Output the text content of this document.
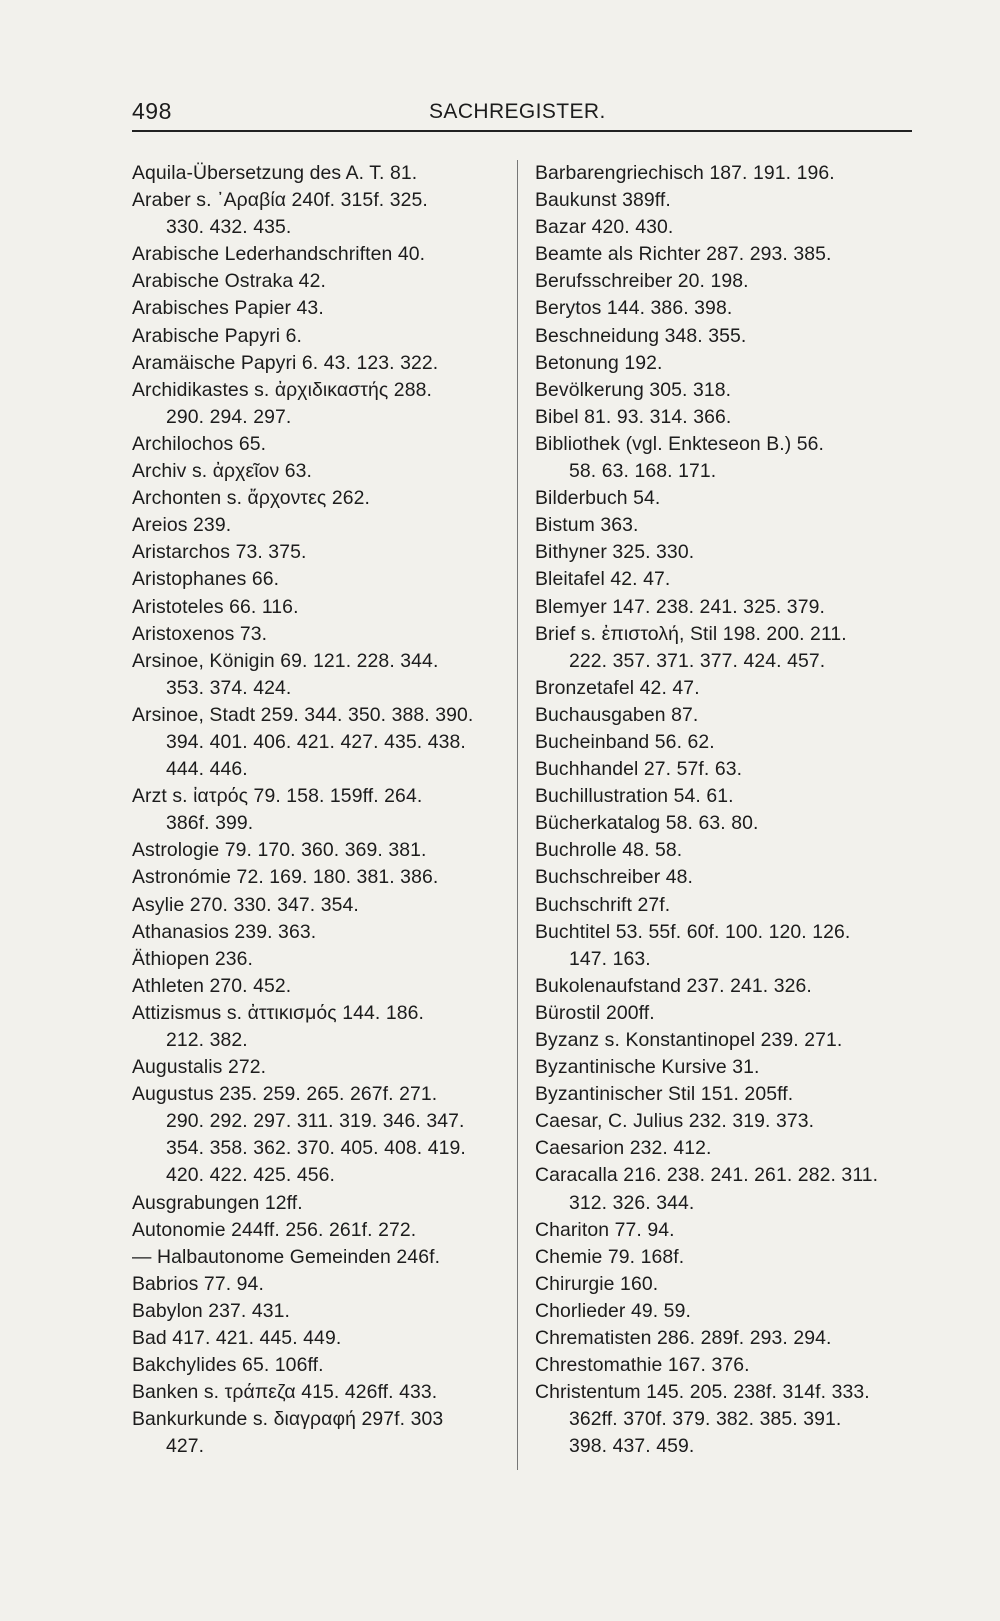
498	SACHREGISTER.
Aquila-Übersetzung des A. T. 81.
Araber s. ᾿Αραβία 240f. 315f. 325.
330. 432. 435.
Arabische Lederhandschriften 40.
Arabische Ostraka 42.
Arabisches Papier 43.
Arabische Papyri 6.
Aramäische Papyri 6. 43. 123. 322.
Archidikastes s. ἀρχιδικαστής 288.
290. 294. 297.
Archilochos 65.
Archiv s. ἀρχεῖον 63.
Archonten s. ἄρχοντες 262.
Areios 239.
Aristarchos 73. 375.
Aristophanes 66.
Aristoteles 66. 116.
Aristoxenos 73.
Arsinoe, Königin 69. 121. 228. 344.
353. 374. 424.
Arsinoe, Stadt 259. 344. 350. 388. 390.
394. 401. 406. 421. 427. 435. 438.
444. 446.
Arzt s. ἰατρός 79. 158. 159ff. 264.
386f. 399.
Astrologie 79. 170. 360. 369. 381.
Astronómie 72. 169. 180. 381. 386.
Asylie 270. 330. 347. 354.
Athanasios 239. 363.
Äthiopen 236.
Athleten 270. 452.
Attizismus s. ἀττικισμός 144. 186.
212. 382.
Augustalis 272.
Augustus 235. 259. 265. 267f. 271.
290. 292. 297. 311. 319. 346. 347.
354. 358. 362. 370. 405. 408. 419.
420. 422. 425. 456.
Ausgrabungen 12ff.
Autonomie 244ff. 256. 261f. 272.
— Halbautonome Gemeinden 246f.
Babrios 77. 94.
Babylon 237. 431.
Bad 417. 421. 445. 449.
Bakchylides 65. 106ff.
Banken s. τράπεζα 415. 426ff. 433.
Bankurkunde s. διαγραφή 297f. 303
427.
Barbarengriechisch 187. 191. 196.
Baukunst 389ff.
Bazar 420. 430.
Beamte als Richter 287. 293. 385.
Berufsschreiber 20. 198.
Berytos 144. 386. 398.
Beschneidung 348. 355.
Betonung 192.
Bevölkerung 305. 318.
Bibel 81. 93. 314. 366.
Bibliothek (vgl. Enkteseon B.) 56.
58. 63. 168. 171.
Bilderbuch 54.
Bistum 363.
Bithyner 325. 330.
Bleitafel 42. 47.
Blemyer 147. 238. 241. 325. 379.
Brief s. ἐπιστολή, Stil 198. 200. 211.
222. 357. 371. 377. 424. 457.
Bronzetafel 42. 47.
Buchausgaben 87.
Bucheinband 56. 62.
Buchhandel 27. 57f. 63.
Buchillustration 54. 61.
Bücherkatalog 58. 63. 80.
Buchrolle 48. 58.
Buchschreiber 48.
Buchschrift 27f.
Buchtitel 53. 55f. 60f. 100. 120. 126.
147. 163.
Bukolenaufstand 237. 241. 326.
Bürostil 200ff.
Byzanz s. Konstantinopel 239. 271.
Byzantinische Kursive 31.
Byzantinischer Stil 151. 205ff.
Caesar, C. Julius 232. 319. 373.
Caesarion 232. 412.
Caracalla 216. 238. 241. 261. 282. 311.
312. 326. 344.
Chariton 77. 94.
Chemie 79. 168f.
Chirurgie 160.
Chorlieder 49. 59.
Chrematisten 286. 289f. 293. 294.
Chrestomathie 167. 376.
Christentum 145. 205. 238f. 314f. 333.
362ff. 370f. 379. 382. 385. 391.
398. 437. 459.
